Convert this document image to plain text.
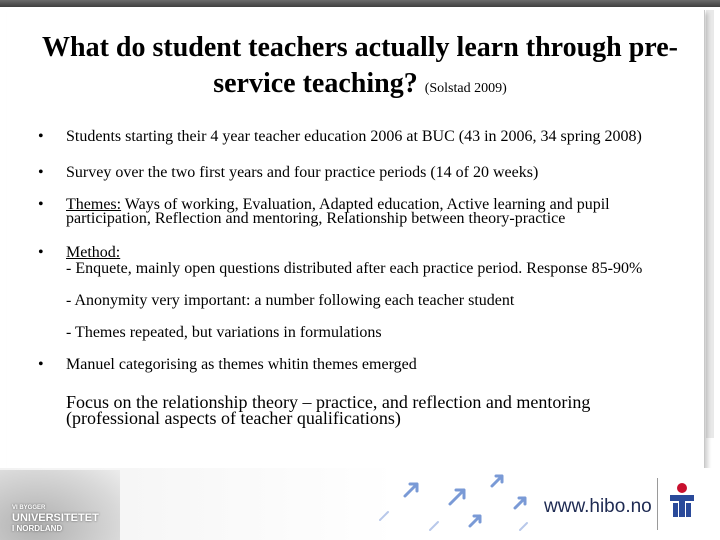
What do student teachers actually learn through pre-service teaching? (Solstad 2009)
• Students starting their 4 year teacher education 2006 at BUC (43 in 2006, 34 spring 2008)
• Survey over the two first years and four practice periods (14 of 20 weeks)
• Themes: Ways of working, Evaluation, Adapted education, Active learning and pupil participation, Reflection and mentoring, Relationship between theory-practice
• Method:
- Enquete, mainly open questions distributed after each practice period. Response 85-90%
- Anonymity very important: a number following each teacher student
- Themes repeated, but variations in formulations
• Manuel categorising as themes whitin themes emerged
Focus on the relationship theory – practice, and reflection and mentoring (professional aspects of teacher qualifications)
VI BYGGER
UNIVERSITETET
I NORDLAND
www.hibo.no
